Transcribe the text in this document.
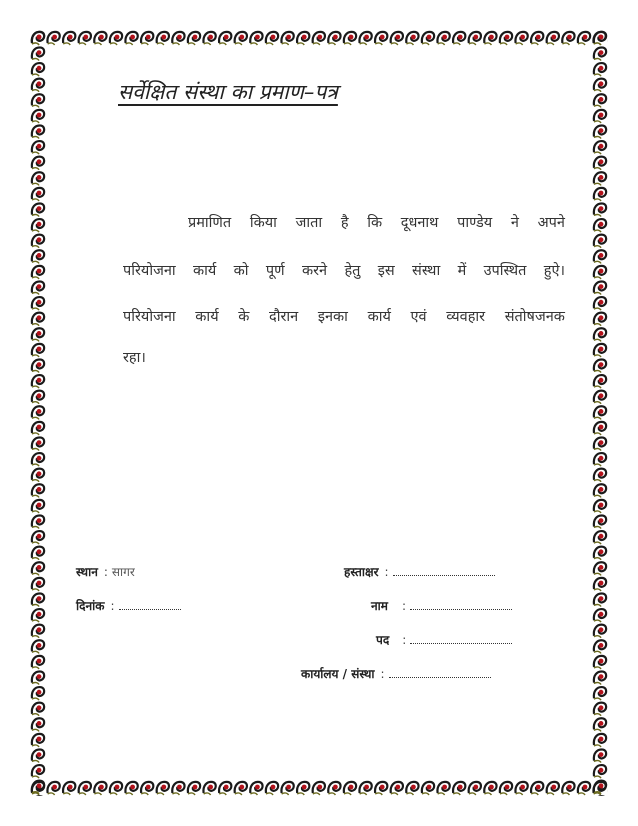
सर्वेक्षित संस्था का प्रमाण–पत्र
प्रमाणित किया जाता है कि दूधनाथ पाण्डेय ने अपने
परियोजना कार्य को पूर्ण करने हेतु इस संस्था में उपस्थित हुऐ।
परियोजना कार्य के दौरान इनका कार्य एवं व्यवहार संतोषजनक
रहा।
स्थान : सागर
दिनांक :
हस्ताक्षर :
नाम :
पद :
कार्यालय / संस्था :
